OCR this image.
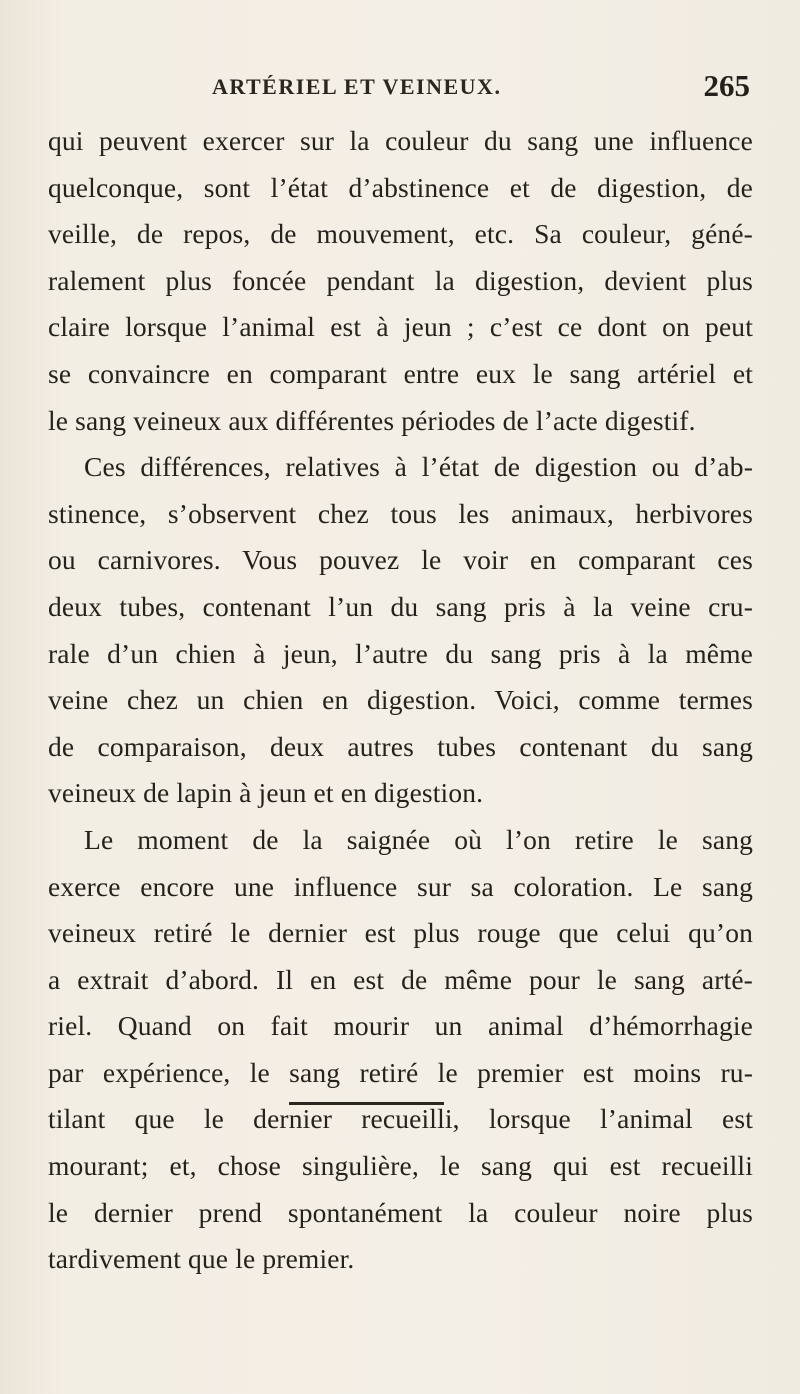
ARTÉRIEL ET VEINEUX.	265
qui peuvent exercer sur la couleur du sang une influence
quelconque, sont l’état d’abstinence et de digestion, de
veille, de repos, de mouvement, etc. Sa couleur, géné-
ralement plus foncée pendant la digestion, devient plus
claire lorsque l’animal est à jeun ; c’est ce dont on peut
se convaincre en comparant entre eux le sang artériel et
le sang veineux aux différentes périodes de l’acte digestif.
Ces différences, relatives à l’état de digestion ou d’ab-
stinence, s’observent chez tous les animaux, herbivores
ou carnivores. Vous pouvez le voir en comparant ces
deux tubes, contenant l’un du sang pris à la veine cru-
rale d’un chien à jeun, l’autre du sang pris à la même
veine chez un chien en digestion. Voici, comme termes
de comparaison, deux autres tubes contenant du sang
veineux de lapin à jeun et en digestion.
Le moment de la saignée où l’on retire le sang
exerce encore une influence sur sa coloration. Le sang
veineux retiré le dernier est plus rouge que celui qu’on
a extrait d’abord. Il en est de même pour le sang arté-
riel. Quand on fait mourir un animal d’hémorrhagie
par expérience, le sang retiré le premier est moins ru-
tilant que le dernier recueilli, lorsque l’animal est
mourant; et, chose singulière, le sang qui est recueilli
le dernier prend spontanément la couleur noire plus
tardivement que le premier.
